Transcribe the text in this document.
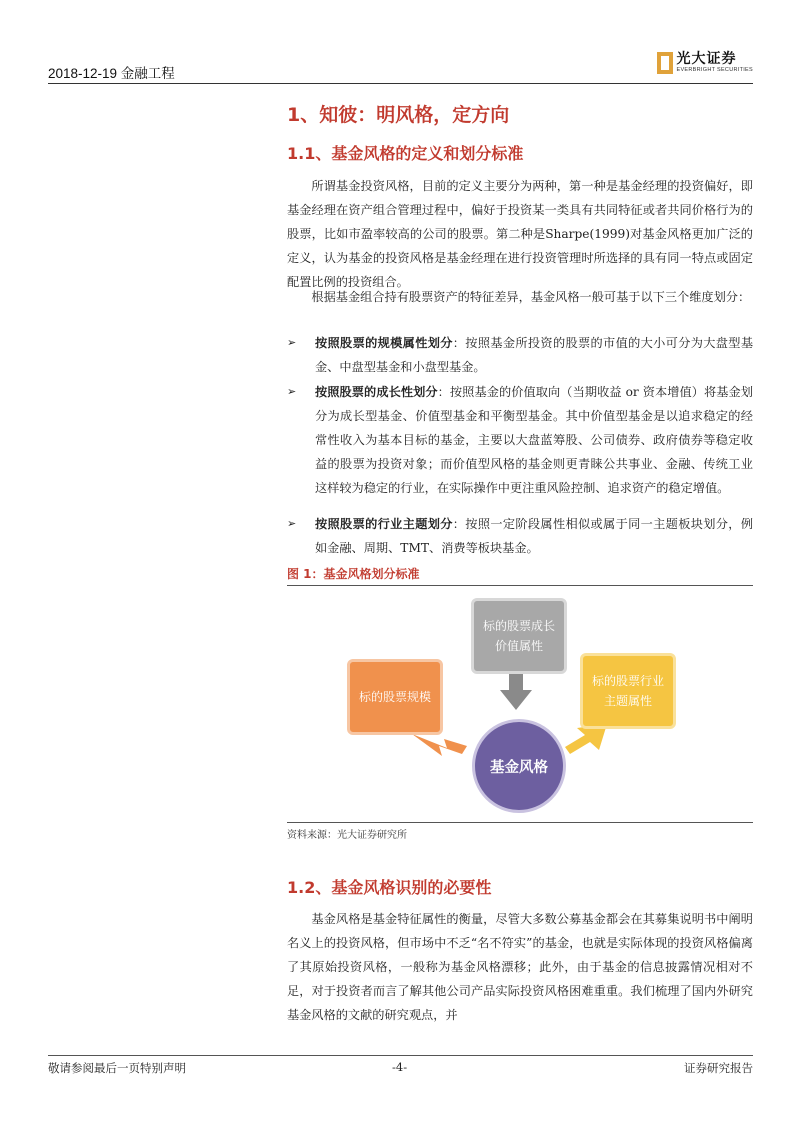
2018-12-19 金融工程
光大证券
EVERBRIGHT SECURITIES
1、知彼：明风格，定方向
1.1、基金风格的定义和划分标准

所谓基金投资风格，目前的定义主要分为两种，第一种是基金经理的投资偏好，即基金经理在资产组合管理过程中，偏好于投资某一类具有共同特征或者共同价格行为的股票，比如市盈率较高的公司的股票。第二种是Sharpe(1999)对基金风格更加广泛的定义，认为基金的投资风格是基金经理在进行投资管理时所选择的具有同一特点或固定配置比例的投资组合。

根据基金组合持有股票资产的特征差异，基金风格一般可基于以下三个维度划分：

➢ 按照股票的规模属性划分：按照基金所投资的股票的市值的大小可分为大盘型基金、中盘型基金和小盘型基金。
➢ 按照股票的成长性划分：按照基金的价值取向（当期收益 or 资本增值）将基金划分为成长型基金、价值型基金和平衡型基金。其中价值型基金是以追求稳定的经常性收入为基本目标的基金，主要以大盘蓝筹股、公司债券、政府债券等稳定收益的股票为投资对象；而价值型风格的基金则更青睐公共事业、金融、传统工业这样较为稳定的行业，在实际操作中更注重风险控制、追求资产的稳定增值。
➢ 按照股票的行业主题划分：按照一定阶段属性相似或属于同一主题板块划分，例如金融、周期、TMT、消费等板块基金。
图 1：基金风格划分标准
标的股票成长
价值属性
标的股票规模
标的股票行业
主题属性
基金风格
资料来源：光大证券研究所
1.2、基金风格识别的必要性

基金风格是基金特征属性的衡量，尽管大多数公募基金都会在其募集说明书中阐明名义上的投资风格，但市场中不乏“名不符实”的基金，也就是实际体现的投资风格偏离了其原始投资风格，一般称为基金风格漂移；此外，由于基金的信息披露情况相对不足，对于投资者而言了解其他公司产品实际投资风格困难重重。我们梳理了国内外研究基金风格的文献的研究观点，并

敬请参阅最后一页特别声明	-4-	证券研究报告
